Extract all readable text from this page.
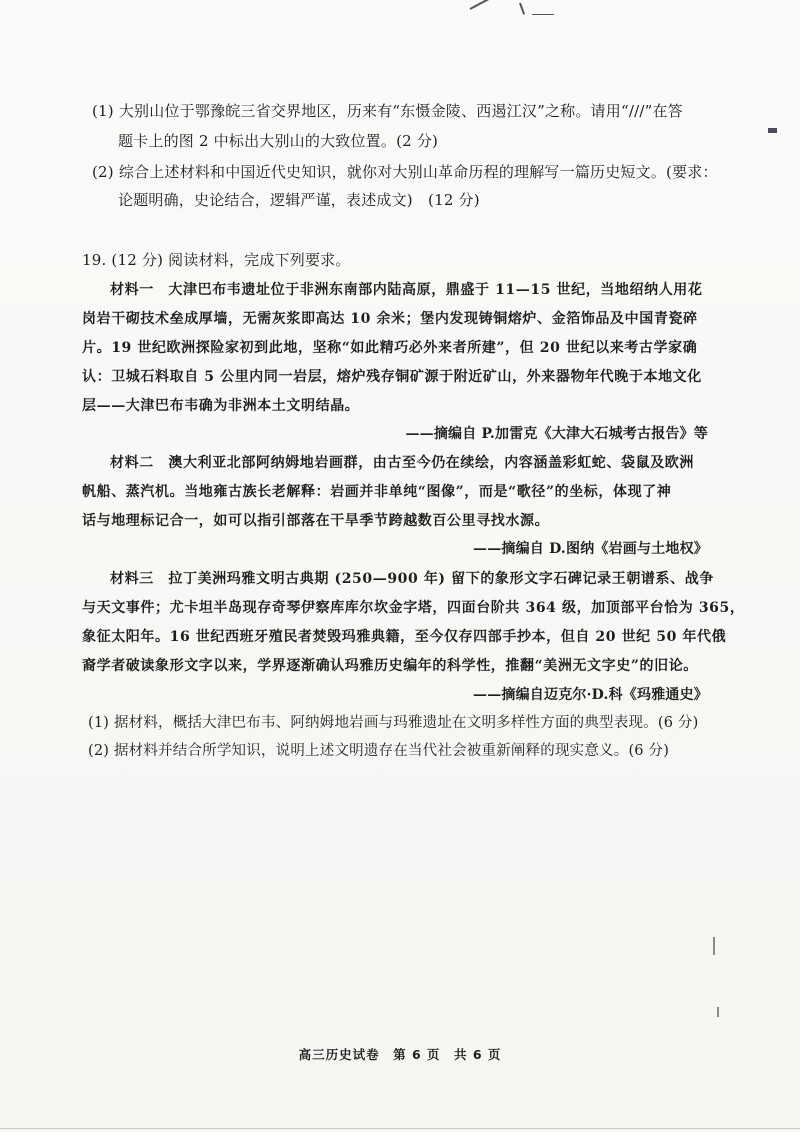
(1) 大别山位于鄂豫皖三省交界地区，历来有“东慑金陵、西遏江汉”之称。请用“///”在答
题卡上的图 2 中标出大别山的大致位置。(2 分)
(2) 综合上述材料和中国近代史知识，就你对大别山革命历程的理解写一篇历史短文。(要求：
论题明确，史论结合，逻辑严谨，表述成文)　(12 分)
19. (12 分) 阅读材料，完成下列要求。
材料一　大津巴布韦遗址位于非洲东南部内陆高原，鼎盛于 11—15 世纪，当地绍纳人用花
岗岩干砌技术垒成厚墙，无需灰浆即高达 10 余米；堡内发现铸铜熔炉、金箔饰品及中国青瓷碎
片。19 世纪欧洲探险家初到此地，坚称“如此精巧必外来者所建”，但 20 世纪以来考古学家确
认：卫城石料取自 5 公里内同一岩层，熔炉残存铜矿源于附近矿山，外来器物年代晚于本地文化
层——大津巴布韦确为非洲本土文明结晶。
——摘编自 P.加雷克《大津大石城考古报告》等
材料二　澳大利亚北部阿纳姆地岩画群，由古至今仍在续绘，内容涵盖彩虹蛇、袋鼠及欧洲
帆船、蒸汽机。当地雍古族长老解释：岩画并非单纯“图像”，而是“歌径”的坐标，体现了神
话与地理标记合一，如可以指引部落在干旱季节跨越数百公里寻找水源。
——摘编自 D.图纳《岩画与土地权》
材料三　拉丁美洲玛雅文明古典期 (250—900 年) 留下的象形文字石碑记录王朝谱系、战争
与天文事件；尤卡坦半岛现存奇琴伊察库库尔坎金字塔，四面台阶共 364 级，加顶部平台恰为 365，
象征太阳年。16 世纪西班牙殖民者焚毁玛雅典籍，至今仅存四部手抄本，但自 20 世纪 50 年代俄
裔学者破读象形文字以来，学界逐渐确认玛雅历史编年的科学性，推翻“美洲无文字史”的旧论。
——摘编自迈克尔·D.科《玛雅通史》
(1) 据材料，概括大津巴布韦、阿纳姆地岩画与玛雅遗址在文明多样性方面的典型表现。(6 分)
(2) 据材料并结合所学知识，说明上述文明遗存在当代社会被重新阐释的现实意义。(6 分)
高三历史试卷　第 6 页　共 6 页
